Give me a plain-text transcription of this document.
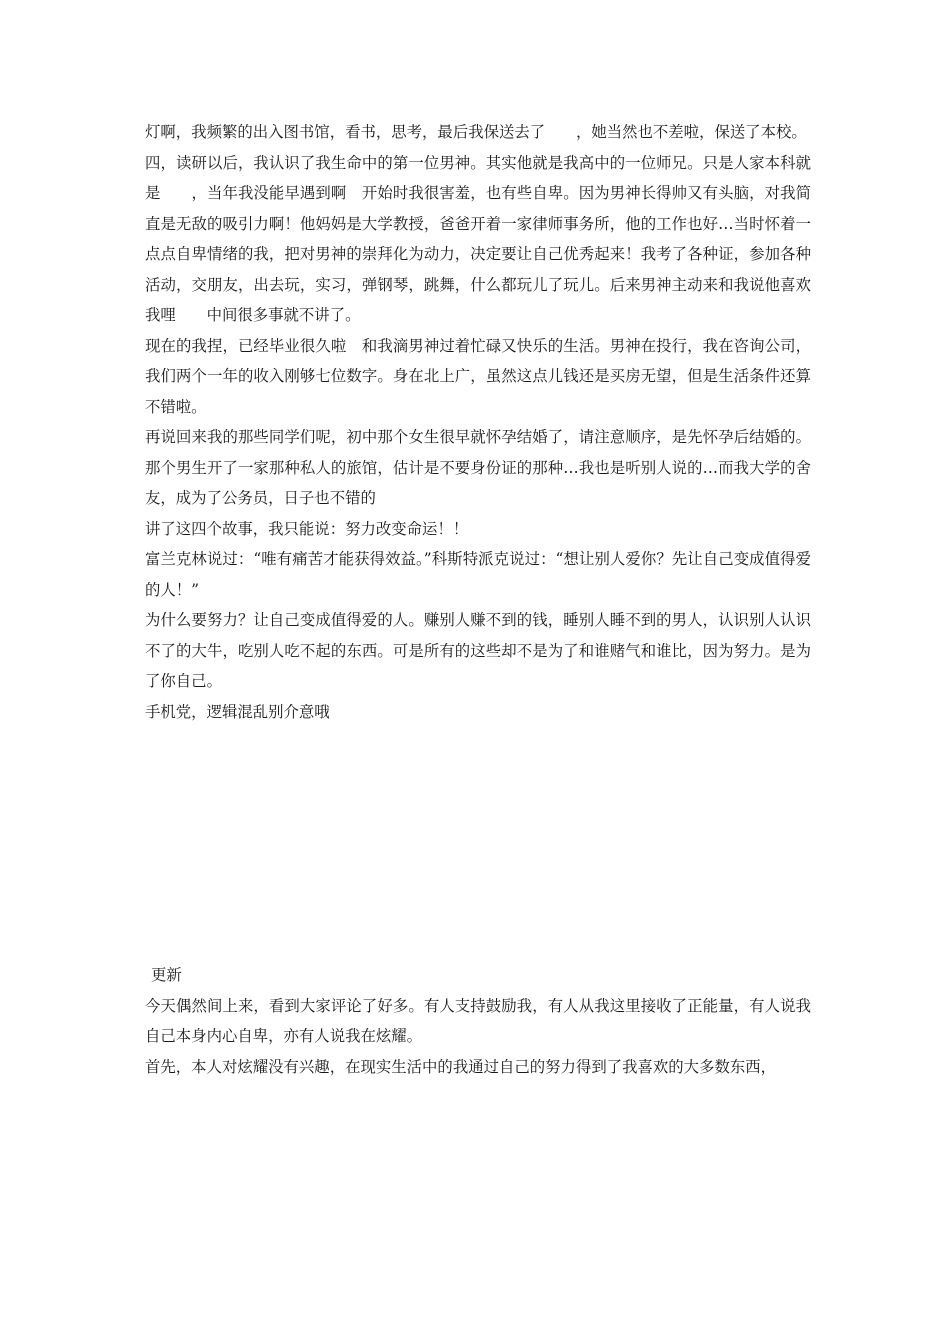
灯啊，我频繁的出入图书馆，看书，思考，最后我保送去了　　，她当然也不差啦，保送了本校。

四，读研以后，我认识了我生命中的第一位男神。其实他就是我高中的一位师兄。只是人家本科就是　　，当年我没能早遇到啊　开始时我很害羞，也有些自卑。因为男神长得帅又有头脑，对我简直是无敌的吸引力啊！他妈妈是大学教授，爸爸开着一家律师事务所，他的工作也好…当时怀着一点点自卑情绪的我，把对男神的崇拜化为动力，决定要让自己优秀起来！我考了各种证，参加各种活动，交朋友，出去玩，实习，弹钢琴，跳舞，什么都玩儿了玩儿。后来男神主动来和我说他喜欢我哩　　中间很多事就不讲了。

现在的我捏，已经毕业很久啦　和我滴男神过着忙碌又快乐的生活。男神在投行，我在咨询公司，我们两个一年的收入刚够七位数字。身在北上广，虽然这点儿钱还是买房无望，但是生活条件还算不错啦。

再说回来我的那些同学们呢，初中那个女生很早就怀孕结婚了，请注意顺序，是先怀孕后结婚的。那个男生开了一家那种私人的旅馆，估计是不要身份证的那种…我也是听别人说的…而我大学的舍友，成为了公务员，日子也不错的

讲了这四个故事，我只能说：努力改变命运！！

富兰克林说过：“唯有痛苦才能获得效益。”科斯特派克说过：“想让别人爱你？先让自己变成值得爱的人！”

为什么要努力？让自己变成值得爱的人。赚别人赚不到的钱，睡别人睡不到的男人，认识别人认识不了的大牛，吃别人吃不起的东西。可是所有的这些却不是为了和谁赌气和谁比，因为努力。是为了你自己。

手机党，逻辑混乱别介意哦

更新

今天偶然间上来，看到大家评论了好多。有人支持鼓励我，有人从我这里接收了正能量，有人说我自己本身内心自卑，亦有人说我在炫耀。

首先，本人对炫耀没有兴趣，在现实生活中的我通过自己的努力得到了我喜欢的大多数东西，
